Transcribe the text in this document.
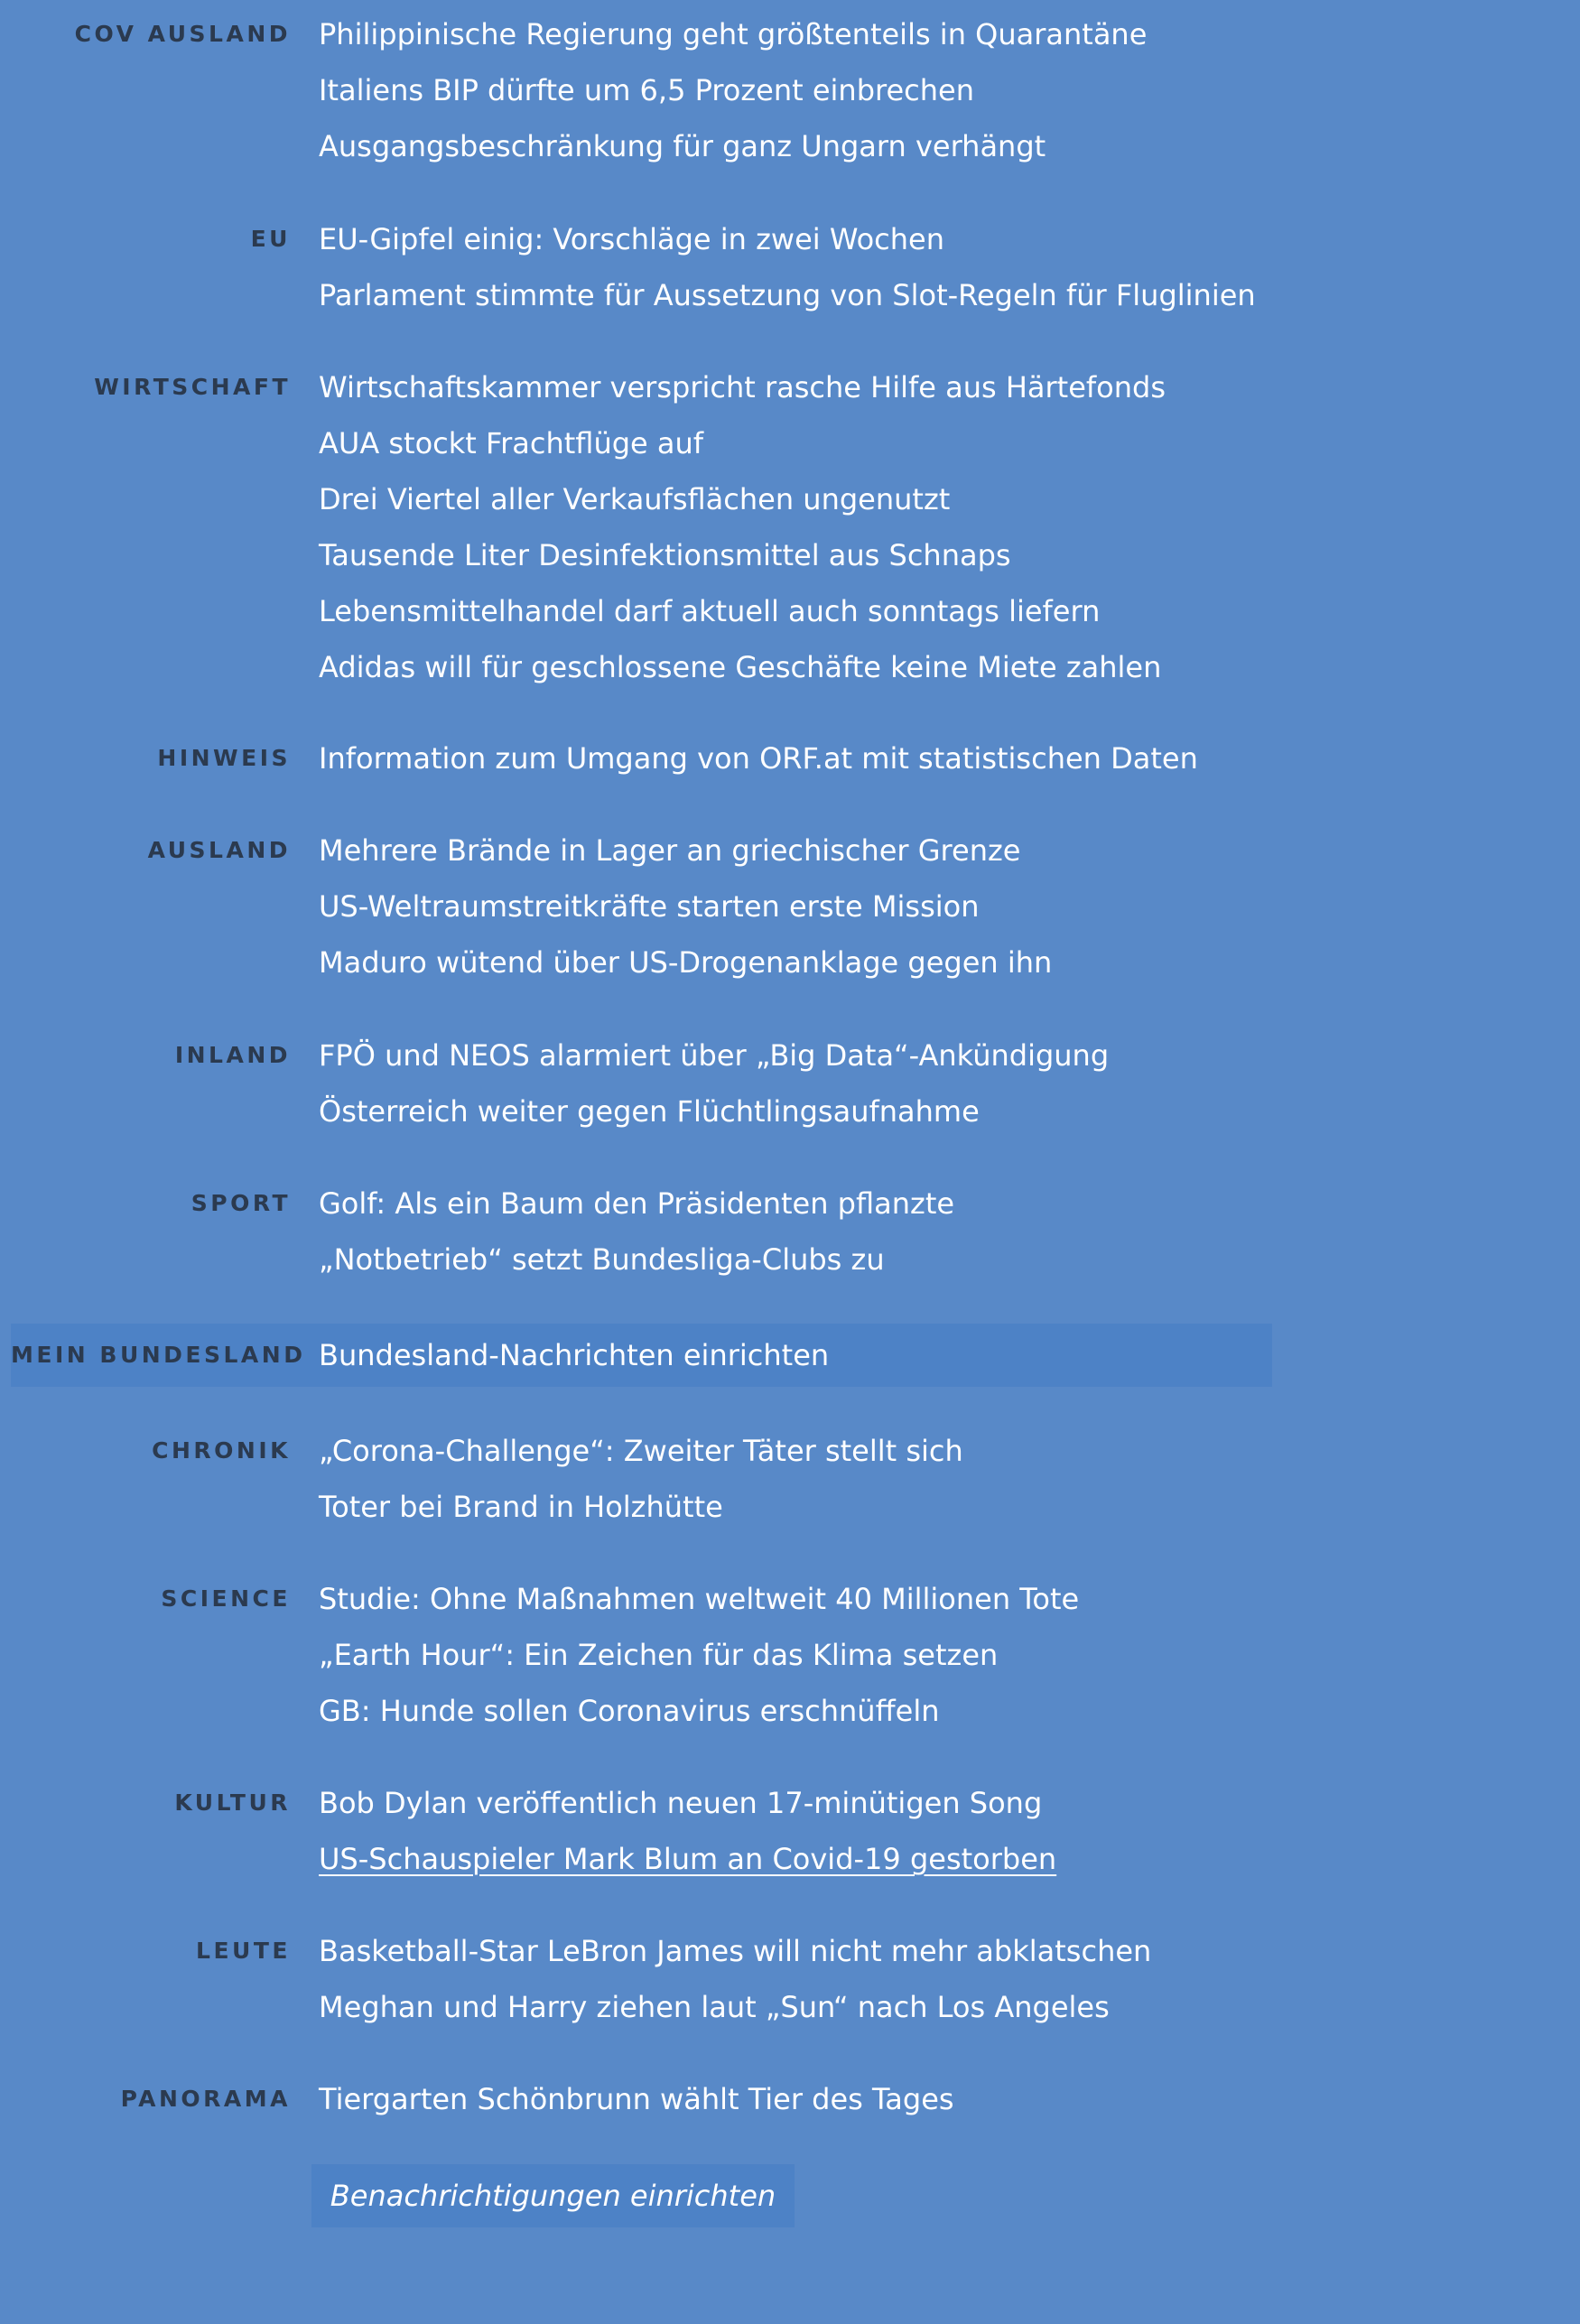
COV AUSLAND Philippinische Regierung geht größtenteils in Quarantäne
Italiens BIP dürfte um 6,5 Prozent einbrechen
Ausgangsbeschränkung für ganz Ungarn verhängt
EU EU-Gipfel einig: Vorschläge in zwei Wochen
Parlament stimmte für Aussetzung von Slot-Regeln für Fluglinien
WIRTSCHAFT Wirtschaftskammer verspricht rasche Hilfe aus Härtefonds
AUA stockt Frachtflüge auf
Drei Viertel aller Verkaufsflächen ungenutzt
Tausende Liter Desinfektionsmittel aus Schnaps
Lebensmittelhandel darf aktuell auch sonntags liefern
Adidas will für geschlossene Geschäfte keine Miete zahlen
HINWEIS Information zum Umgang von ORF.at mit statistischen Daten
AUSLAND Mehrere Brände in Lager an griechischer Grenze
US-Weltraumstreitkräfte starten erste Mission
Maduro wütend über US-Drogenanklage gegen ihn
INLAND FPÖ und NEOS alarmiert über „Big Data“-Ankündigung
Österreich weiter gegen Flüchtlingsaufnahme
SPORT Golf: Als ein Baum den Präsidenten pflanzte
„Notbetrieb“ setzt Bundesliga-Clubs zu
MEIN BUNDESLAND Bundesland-Nachrichten einrichten
CHRONIK „Corona-Challenge“: Zweiter Täter stellt sich
Toter bei Brand in Holzhütte
SCIENCE Studie: Ohne Maßnahmen weltweit 40 Millionen Tote
„Earth Hour“: Ein Zeichen für das Klima setzen
GB: Hunde sollen Coronavirus erschnüffeln
KULTUR Bob Dylan veröffentlich neuen 17-minütigen Song
US-Schauspieler Mark Blum an Covid-19 gestorben
LEUTE Basketball-Star LeBron James will nicht mehr abklatschen
Meghan und Harry ziehen laut „Sun“ nach Los Angeles
PANORAMA Tiergarten Schönbrunn wählt Tier des Tages
Benachrichtigungen einrichten
